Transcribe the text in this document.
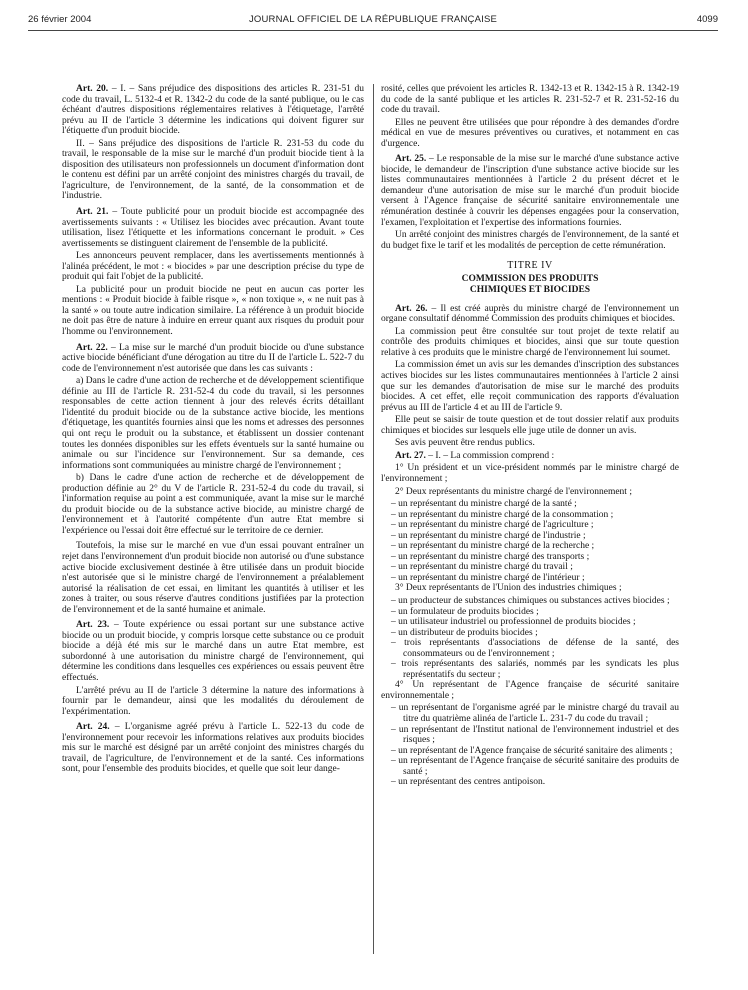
26 février 2004	JOURNAL OFFICIEL DE LA RÉPUBLIQUE FRANÇAISE	4099

Art. 20. – I. – Sans préjudice des dispositions des articles R. 231-51 du code du travail, L. 5132-4 et R. 1342-2 du code de la santé publique, ou le cas échéant d'autres dispositions réglementaires relatives à l'étiquetage, l'arrêté prévu au II de l'article 3 détermine les indications qui doivent figurer sur l'étiquette d'un produit biocide.

II. – Sans préjudice des dispositions de l'article R. 231-53 du code du travail, le responsable de la mise sur le marché d'un produit biocide tient à la disposition des utilisateurs non professionnels un document d'information dont le contenu est défini par un arrêté conjoint des ministres chargés du travail, de l'agriculture, de l'environnement, de la santé, de la consommation et de l'industrie.

Art. 21. – Toute publicité pour un produit biocide est accompagnée des avertissements suivants : « Utilisez les biocides avec précaution. Avant toute utilisation, lisez l'étiquette et les informations concernant le produit. » Ces avertissements se distinguent clairement de l'ensemble de la publicité.

Les annonceurs peuvent remplacer, dans les avertissements mentionnés à l'alinéa précédent, le mot : « biocides » par une description précise du type de produit qui fait l'objet de la publicité.

La publicité pour un produit biocide ne peut en aucun cas porter les mentions : « Produit biocide à faible risque », « non toxique », « ne nuit pas à la santé » ou toute autre indication similaire. La référence à un produit biocide ne doit pas être de nature à induire en erreur quant aux risques du produit pour l'homme ou l'environnement.

Art. 22. – La mise sur le marché d'un produit biocide ou d'une substance active biocide bénéficiant d'une dérogation au titre du II de l'article L. 522-7 du code de l'environnement n'est autorisée que dans les cas suivants :

a) Dans le cadre d'une action de recherche et de développement scientifique définie au III de l'article R. 231-52-4 du code du travail, si les personnes responsables de cette action tiennent à jour des relevés écrits détaillant l'identité du produit biocide ou de la substance active biocide, les mentions d'étiquetage, les quantités fournies ainsi que les noms et adresses des personnes qui ont reçu le produit ou la substance, et établissent un dossier contenant toutes les données disponibles sur les effets éventuels sur la santé humaine ou animale ou sur l'incidence sur l'environnement. Sur sa demande, ces informations sont communiquées au ministre chargé de l'environnement ;

b) Dans le cadre d'une action de recherche et de développement de production définie au 2° du V de l'article R. 231-52-4 du code du travail, si l'information requise au point a est communiquée, avant la mise sur le marché du produit biocide ou de la substance active biocide, au ministre chargé de l'environnement et à l'autorité compétente d'un autre Etat membre si l'expérience ou l'essai doit être effectué sur le territoire de ce dernier.

Toutefois, la mise sur le marché en vue d'un essai pouvant entraîner un rejet dans l'environnement d'un produit biocide non autorisé ou d'une substance active biocide exclusivement destinée à être utilisée dans un produit biocide n'est autorisée que si le ministre chargé de l'environnement a préalablement autorisé la réalisation de cet essai, en limitant les quantités à utiliser et les zones à traiter, ou sous réserve d'autres conditions justifiées par la protection de l'environnement et de la santé humaine et animale.

Art. 23. – Toute expérience ou essai portant sur une substance active biocide ou un produit biocide, y compris lorsque cette substance ou ce produit biocide a déjà été mis sur le marché dans un autre Etat membre, est subordonné à une autorisation du ministre chargé de l'environnement, qui détermine les conditions dans lesquelles ces expériences ou essais peuvent être effectués.

L'arrêté prévu au II de l'article 3 détermine la nature des informations à fournir par le demandeur, ainsi que les modalités du déroulement de l'expérimentation.

Art. 24. – L'organisme agréé prévu à l'article L. 522-13 du code de l'environnement pour recevoir les informations relatives aux produits biocides mis sur le marché est désigné par un arrêté conjoint des ministres chargés du travail, de l'agriculture, de l'environnement et de la santé. Ces informations sont, pour l'ensemble des produits biocides, et quelle que soit leur dange-

rosité, celles que prévoient les articles R. 1342-13 et R. 1342-15 à R. 1342-19 du code de la santé publique et les articles R. 231-52-7 et R. 231-52-16 du code du travail.

Elles ne peuvent être utilisées que pour répondre à des demandes d'ordre médical en vue de mesures préventives ou curatives, et notamment en cas d'urgence.

Art. 25. – Le responsable de la mise sur le marché d'une substance active biocide, le demandeur de l'inscription d'une substance active biocide sur les listes communautaires mentionnées à l'article 2 du présent décret et le demandeur d'une autorisation de mise sur le marché d'un produit biocide versent à l'Agence française de sécurité sanitaire environnementale une rémunération destinée à couvrir les dépenses engagées pour la conservation, l'examen, l'exploitation et l'expertise des informations fournies.

Un arrêté conjoint des ministres chargés de l'environnement, de la santé et du budget fixe le tarif et les modalités de perception de cette rémunération.

TITRE IV
COMMISSION DES PRODUITS
CHIMIQUES ET BIOCIDES

Art. 26. – Il est créé auprès du ministre chargé de l'environnement un organe consultatif dénommé Commission des produits chimiques et biocides.

La commission peut être consultée sur tout projet de texte relatif au contrôle des produits chimiques et biocides, ainsi que sur toute question relative à ces produits que le ministre chargé de l'environnement lui soumet.

La commission émet un avis sur les demandes d'inscription des substances actives biocides sur les listes communautaires mentionnées à l'article 2 ainsi que sur les demandes d'autorisation de mise sur le marché des produits biocides. A cet effet, elle reçoit communication des rapports d'évaluation prévus au III de l'article 4 et au III de l'article 9.

Elle peut se saisir de toute question et de tout dossier relatif aux produits chimiques et biocides sur lesquels elle juge utile de donner un avis.

Ses avis peuvent être rendus publics.

Art. 27. – I. – La commission comprend :

1° Un président et un vice-président nommés par le ministre chargé de l'environnement ;

2° Deux représentants du ministre chargé de l'environnement ;

– un représentant du ministre chargé de la santé ;

– un représentant du ministre chargé de la consommation ;

– un représentant du ministre chargé de l'agriculture ;

– un représentant du ministre chargé de l'industrie ;

– un représentant du ministre chargé de la recherche ;

– un représentant du ministre chargé des transports ;

– un représentant du ministre chargé du travail ;

– un représentant du ministre chargé de l'intérieur ;

3° Deux représentants de l'Union des industries chimiques ;

– un producteur de substances chimiques ou substances actives biocides ;

– un formulateur de produits biocides ;

– un utilisateur industriel ou professionnel de produits biocides ;

– un distributeur de produits biocides ;

– trois représentants d'associations de défense de la santé, des consommateurs ou de l'environnement ;

– trois représentants des salariés, nommés par les syndicats les plus représentatifs du secteur ;

4° Un représentant de l'Agence française de sécurité sanitaire environnementale ;

– un représentant de l'organisme agréé par le ministre chargé du travail au titre du quatrième alinéa de l'article L. 231-7 du code du travail ;

– un représentant de l'Institut national de l'environnement industriel et des risques ;

– un représentant de l'Agence française de sécurité sanitaire des aliments ;

– un représentant de l'Agence française de sécurité sanitaire des produits de santé ;

– un représentant des centres antipoison.
